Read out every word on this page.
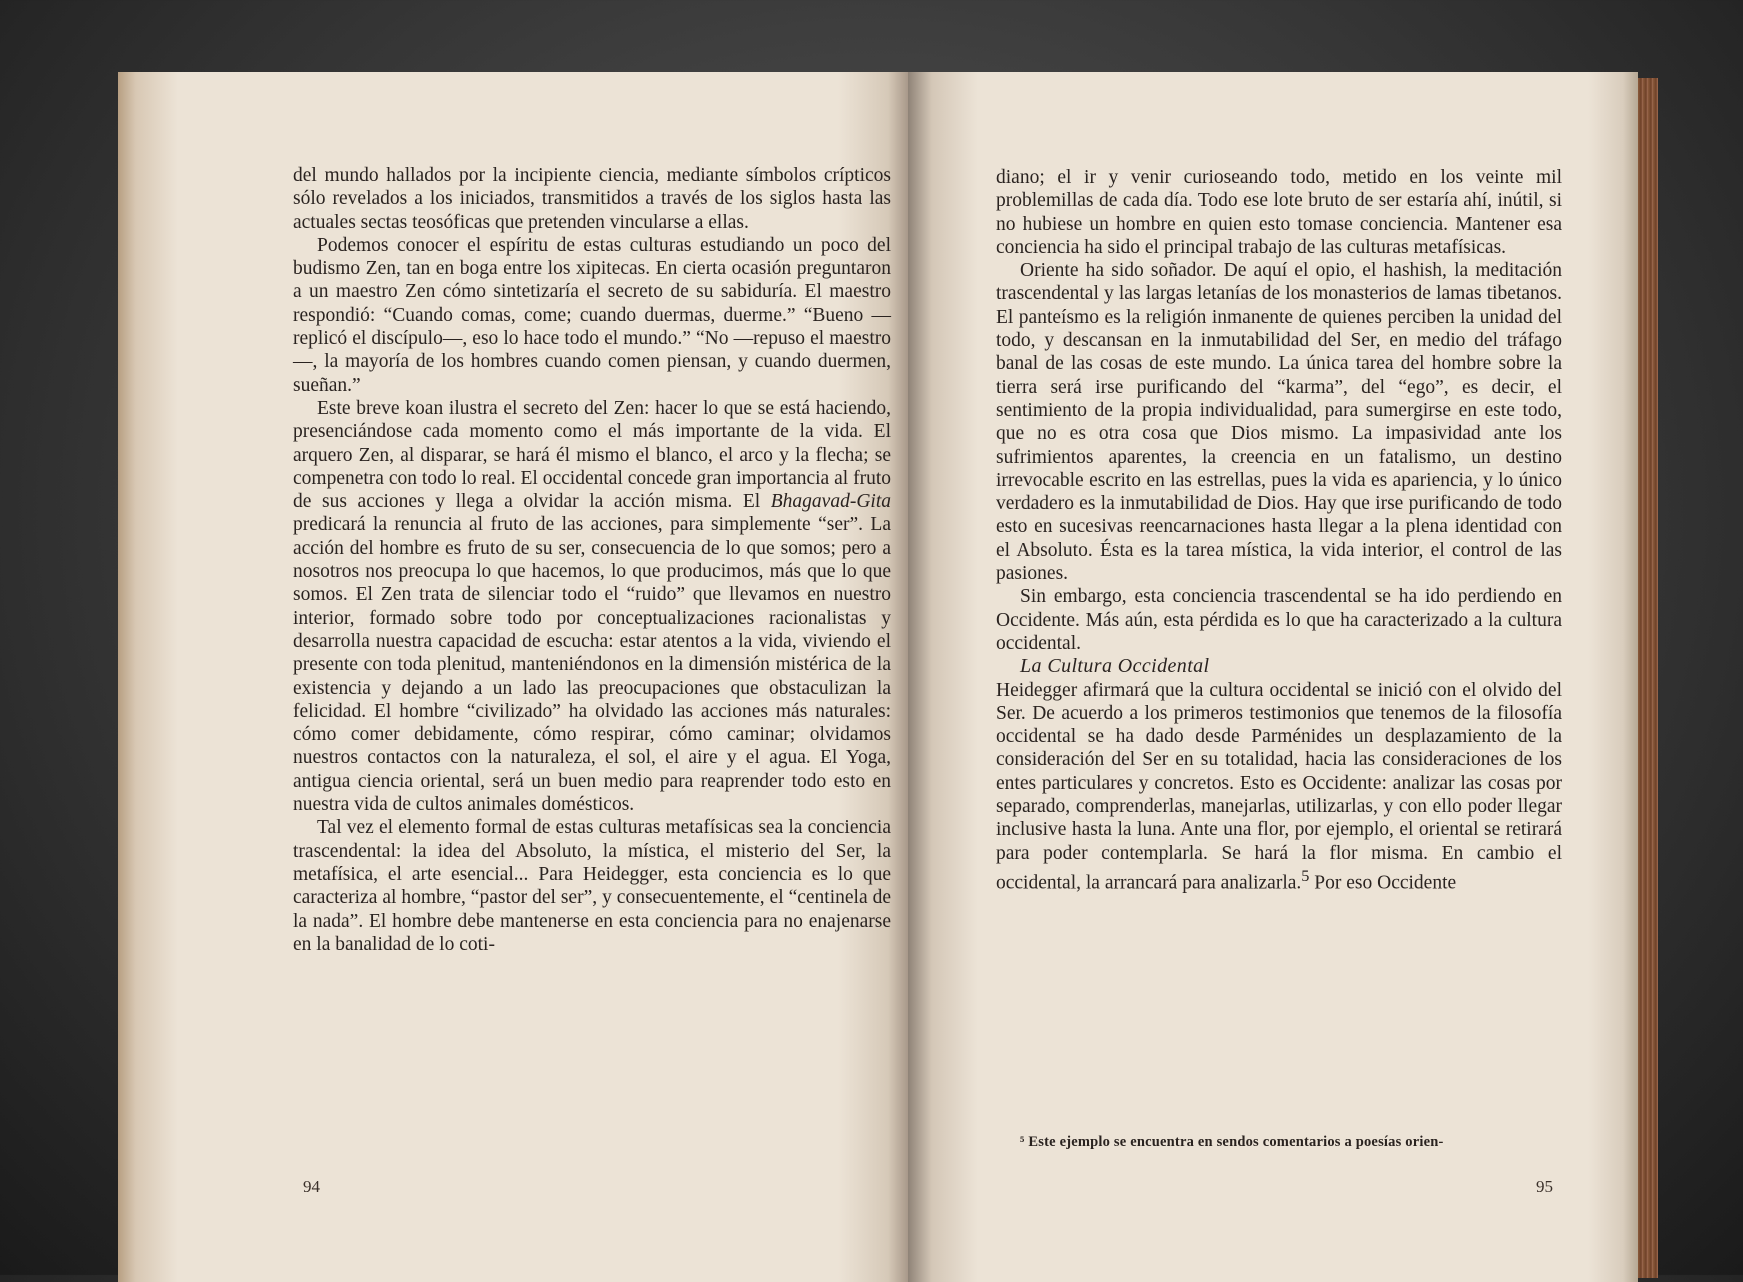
del mundo hallados por la incipiente ciencia, mediante símbolos crípticos sólo revelados a los iniciados, transmitidos a través de los siglos hasta las actuales sectas teosóficas que pretenden vincularse a ellas.

Podemos conocer el espíritu de estas culturas estudiando un poco del budismo Zen, tan en boga entre los xipitecas. En cierta ocasión preguntaron a un maestro Zen cómo sintetizaría el secreto de su sabiduría. El maestro respondió: “Cuando comas, come; cuando duermas, duerme.” “Bueno —replicó el discípulo—, eso lo hace todo el mundo.” “No —repuso el maestro—, la mayoría de los hombres cuando comen piensan, y cuando duermen, sueñan.”

Este breve koan ilustra el secreto del Zen: hacer lo que se está haciendo, presenciándose cada momento como el más importante de la vida. El arquero Zen, al disparar, se hará él mismo el blanco, el arco y la flecha; se compenetra con todo lo real. El occidental concede gran importancia al fruto de sus acciones y llega a olvidar la acción misma. El Bhagavad-Gita predicará la renuncia al fruto de las acciones, para simplemente “ser”. La acción del hombre es fruto de su ser, consecuencia de lo que somos; pero a nosotros nos preocupa lo que hacemos, lo que producimos, más que lo que somos. El Zen trata de silenciar todo el “ruido” que llevamos en nuestro interior, formado sobre todo por conceptualizaciones racionalistas y desarrolla nuestra capacidad de escucha: estar atentos a la vida, viviendo el presente con toda plenitud, manteniéndonos en la dimensión mistérica de la existencia y dejando a un lado las preocupaciones que obstaculizan la felicidad. El hombre “civilizado” ha olvidado las acciones más naturales: cómo comer debidamente, cómo respirar, cómo caminar; olvidamos nuestros contactos con la naturaleza, el sol, el aire y el agua. El Yoga, antigua ciencia oriental, será un buen medio para reaprender todo esto en nuestra vida de cultos animales domésticos.

Tal vez el elemento formal de estas culturas metafísicas sea la conciencia trascendental: la idea del Absoluto, la mística, el misterio del Ser, la metafísica, el arte esencial... Para Heidegger, esta conciencia es lo que caracteriza al hombre, “pastor del ser”, y consecuentemente, el “centinela de la nada”. El hombre debe mantenerse en esta conciencia para no enajenarse en la banalidad de lo coti-

94

diano; el ir y venir curioseando todo, metido en los veinte mil problemillas de cada día. Todo ese lote bruto de ser estaría ahí, inútil, si no hubiese un hombre en quien esto tomase conciencia. Mantener esa conciencia ha sido el principal trabajo de las culturas metafísicas.

Oriente ha sido soñador. De aquí el opio, el hashish, la meditación trascendental y las largas letanías de los monasterios de lamas tibetanos. El panteísmo es la religión inmanente de quienes perciben la unidad del todo, y descansan en la inmutabilidad del Ser, en medio del tráfago banal de las cosas de este mundo. La única tarea del hombre sobre la tierra será irse purificando del “karma”, del “ego”, es decir, el sentimiento de la propia individualidad, para sumergirse en este todo, que no es otra cosa que Dios mismo. La impasividad ante los sufrimientos aparentes, la creencia en un fatalismo, un destino irrevocable escrito en las estrellas, pues la vida es apariencia, y lo único verdadero es la inmutabilidad de Dios. Hay que irse purificando de todo esto en sucesivas reencarnaciones hasta llegar a la plena identidad con el Absoluto. Ésta es la tarea mística, la vida interior, el control de las pasiones.

Sin embargo, esta conciencia trascendental se ha ido perdiendo en Occidente. Más aún, esta pérdida es lo que ha caracterizado a la cultura occidental.

La Cultura Occidental

Heidegger afirmará que la cultura occidental se inició con el olvido del Ser. De acuerdo a los primeros testimonios que tenemos de la filosofía occidental se ha dado desde Parménides un desplazamiento de la consideración del Ser en su totalidad, hacia las consideraciones de los entes particulares y concretos. Esto es Occidente: analizar las cosas por separado, comprenderlas, manejarlas, utilizarlas, y con ello poder llegar inclusive hasta la luna. Ante una flor, por ejemplo, el oriental se retirará para poder contemplarla. Se hará la flor misma. En cambio el occidental, la arrancará para analizarla.$^5$ Por eso Occidente

⁵ Este ejemplo se encuentra en sendos comentarios a poesías orien-
95
